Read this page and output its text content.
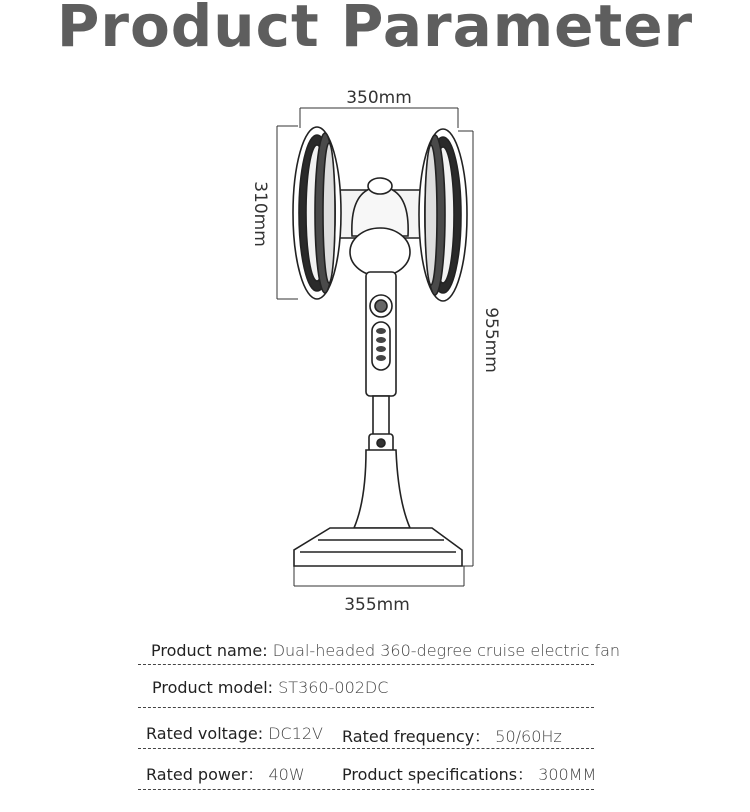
Product Parameter
350mm
310mm
955mm
355mm
Product name: Dual-headed 360-degree cruise electric fan
Product model: ST360-002DC
Rated voltage: DC12V Rated frequency： 50/60Hz
Rated power： 40W Product specifications： 300MM
